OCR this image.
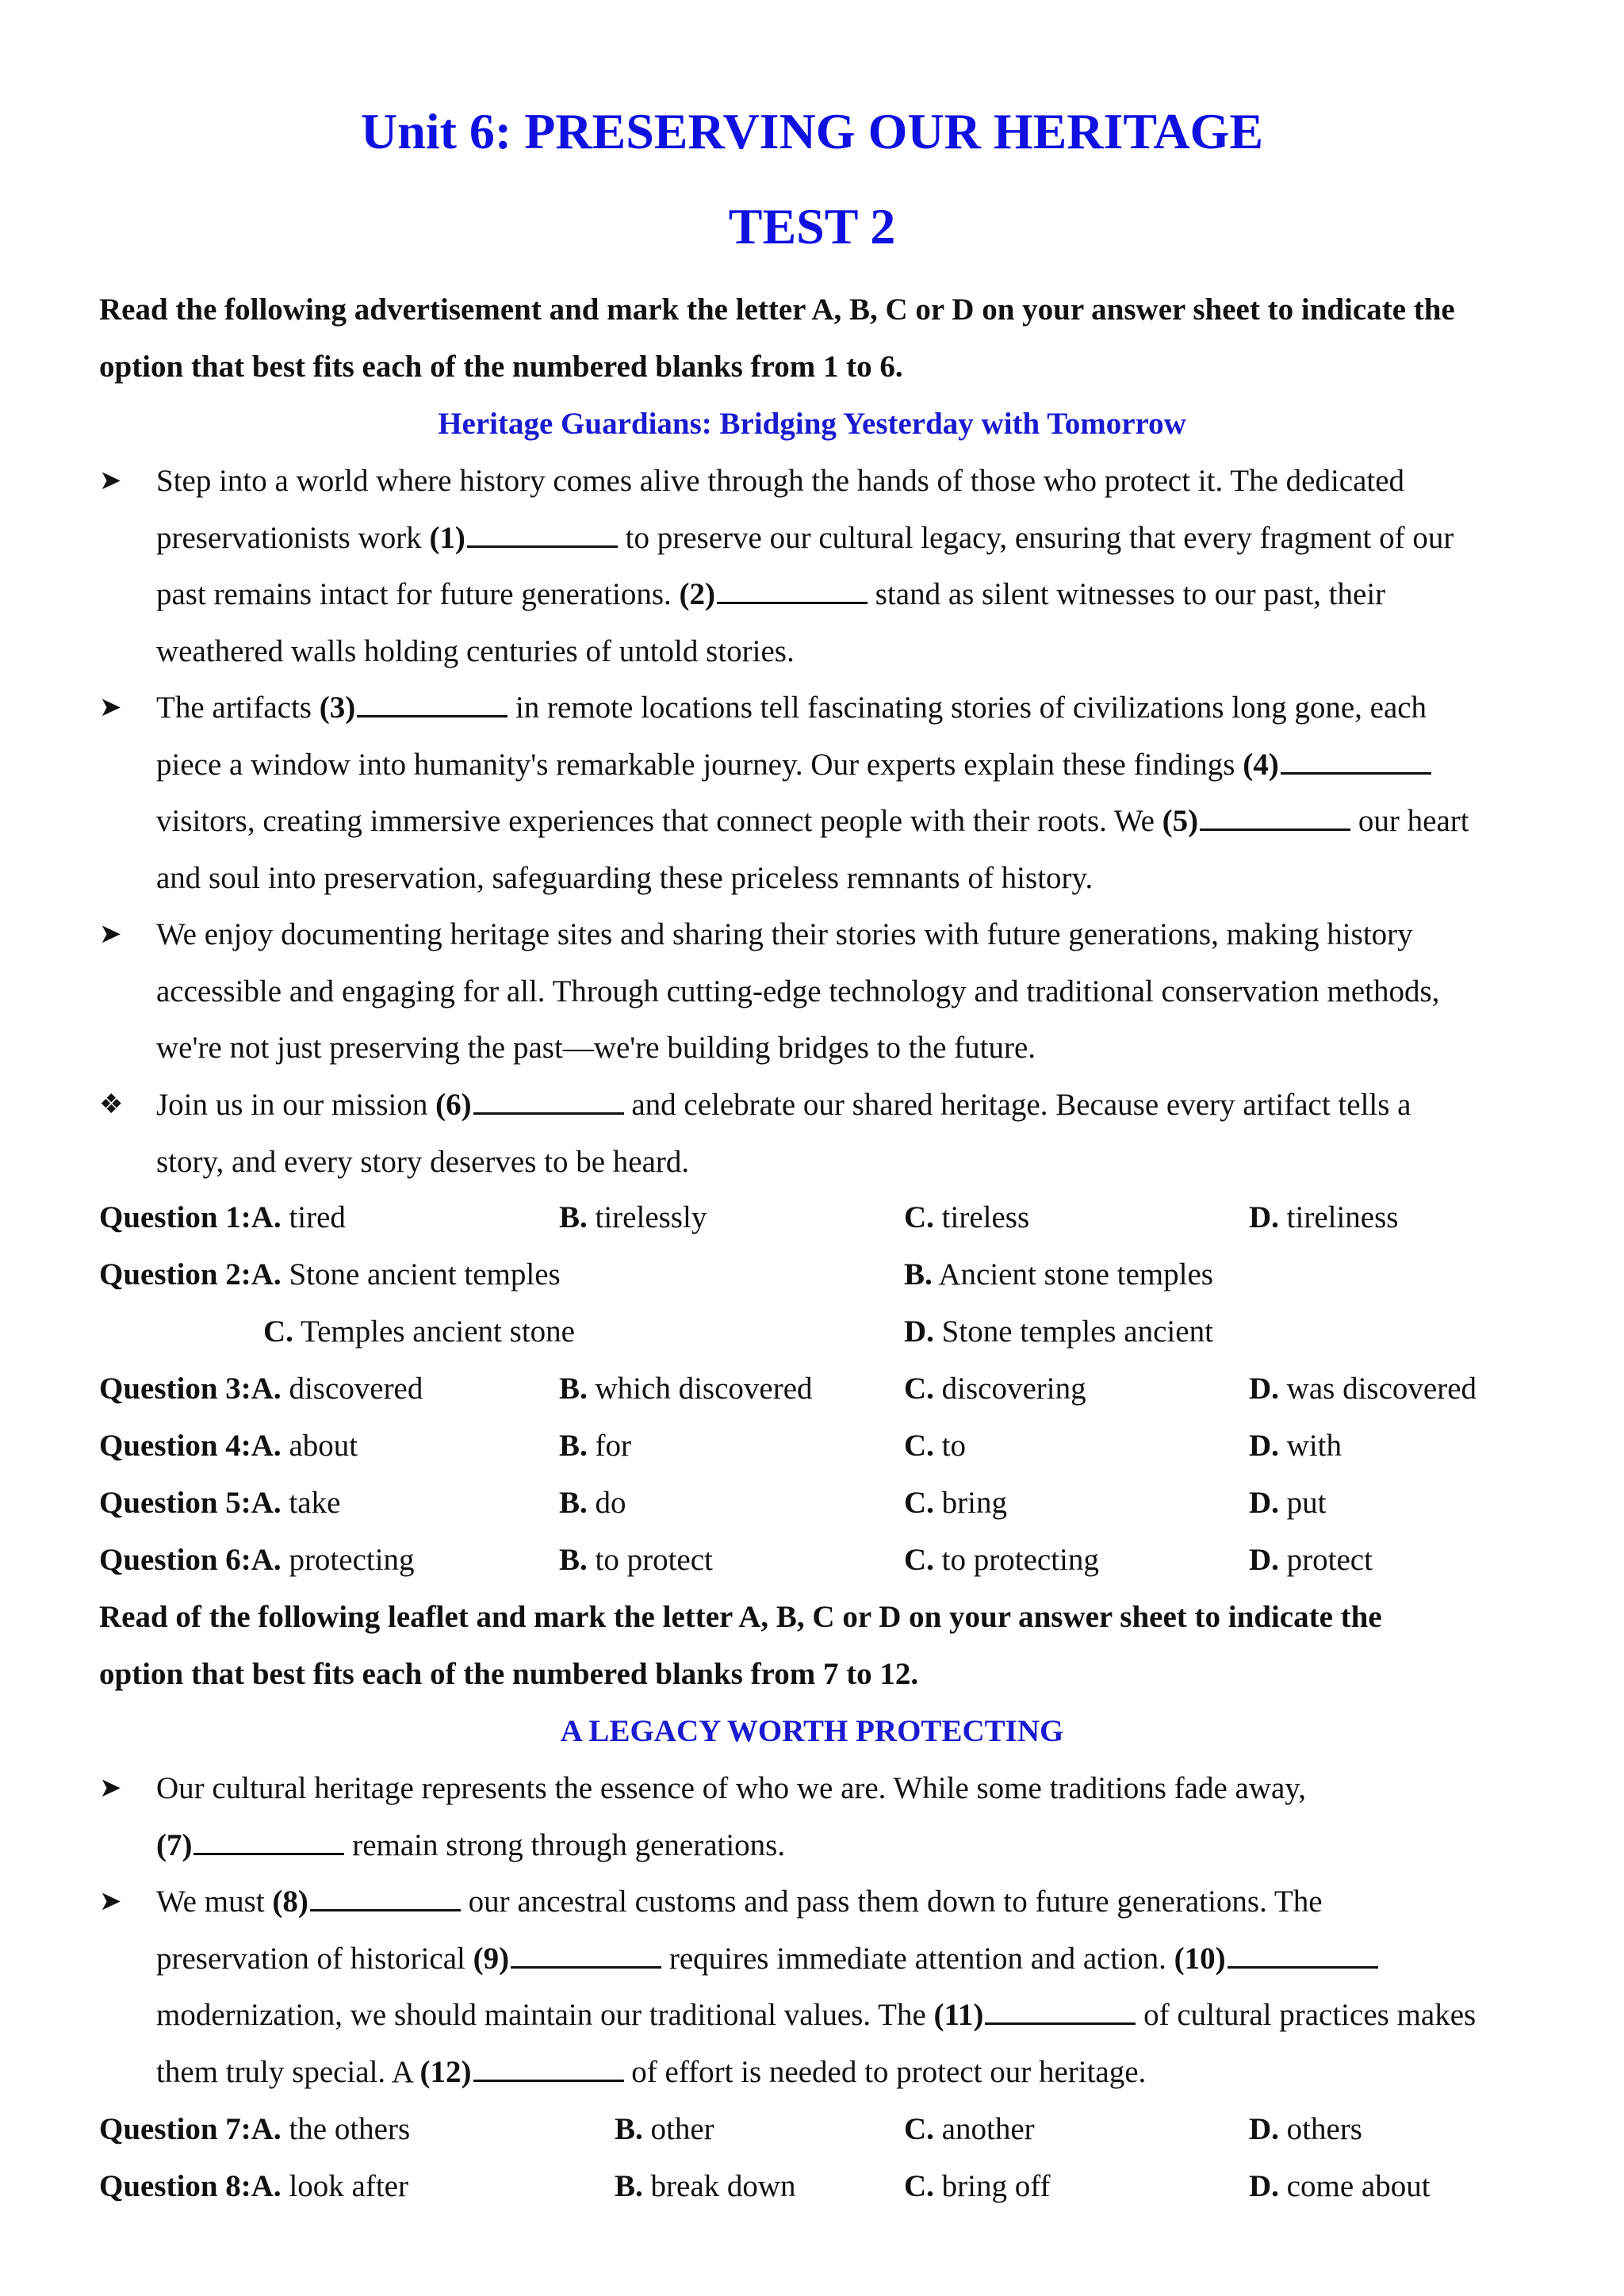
Unit 6: PRESERVING OUR HERITAGE
TEST 2
Read the following advertisement and mark the letter A, B, C or D on your answer sheet to indicate the
option that best fits each of the numbered blanks from 1 to 6.
Heritage Guardians: Bridging Yesterday with Tomorrow
➤	Step into a world where history comes alive through the hands of those who protect it. The dedicated
preservationists work (1)	to preserve our cultural legacy, ensuring that every fragment of our
past remains intact for future generations. (2)	stand as silent witnesses to our past, their
weathered walls holding centuries of untold stories.
➤	The artifacts (3)	in remote locations tell fascinating stories of civilizations long gone, each
piece a window into humanity's remarkable journey. Our experts explain these findings (4)
visitors, creating immersive experiences that connect people with their roots. We (5)	our heart
and soul into preservation, safeguarding these priceless remnants of history.
➤	We enjoy documenting heritage sites and sharing their stories with future generations, making history
accessible and engaging for all. Through cutting-edge technology and traditional conservation methods,
we're not just preserving the past—we're building bridges to the future.
❖	Join us in our mission (6)	and celebrate our shared heritage. Because every artifact tells a
story, and every story deserves to be heard.
Question 1:A. tired	B. tirelessly	C. tireless	D. tireliness
Question 2:A. Stone ancient temples	B. Ancient stone temples
C. Temples ancient stone	D. Stone temples ancient
Question 3:A. discovered	B. which discovered	C. discovering	D. was discovered
Question 4:A. about	B. for	C. to	D. with
Question 5:A. take	B. do	C. bring	D. put
Question 6:A. protecting	B. to protect	C. to protecting	D. protect
Read of the following leaflet and mark the letter A, B, C or D on your answer sheet to indicate the
option that best fits each of the numbered blanks from 7 to 12.
A LEGACY WORTH PROTECTING
➤	Our cultural heritage represents the essence of who we are. While some traditions fade away,
(7)	remain strong through generations.
➤	We must (8)	our ancestral customs and pass them down to future generations. The
preservation of historical (9)	requires immediate attention and action. (10)
modernization, we should maintain our traditional values. The (11)	of cultural practices makes
them truly special. A (12)	of effort is needed to protect our heritage.
Question 7:A. the others	B. other	C. another	D. others
Question 8:A. look after	B. break down	C. bring off	D. come about
